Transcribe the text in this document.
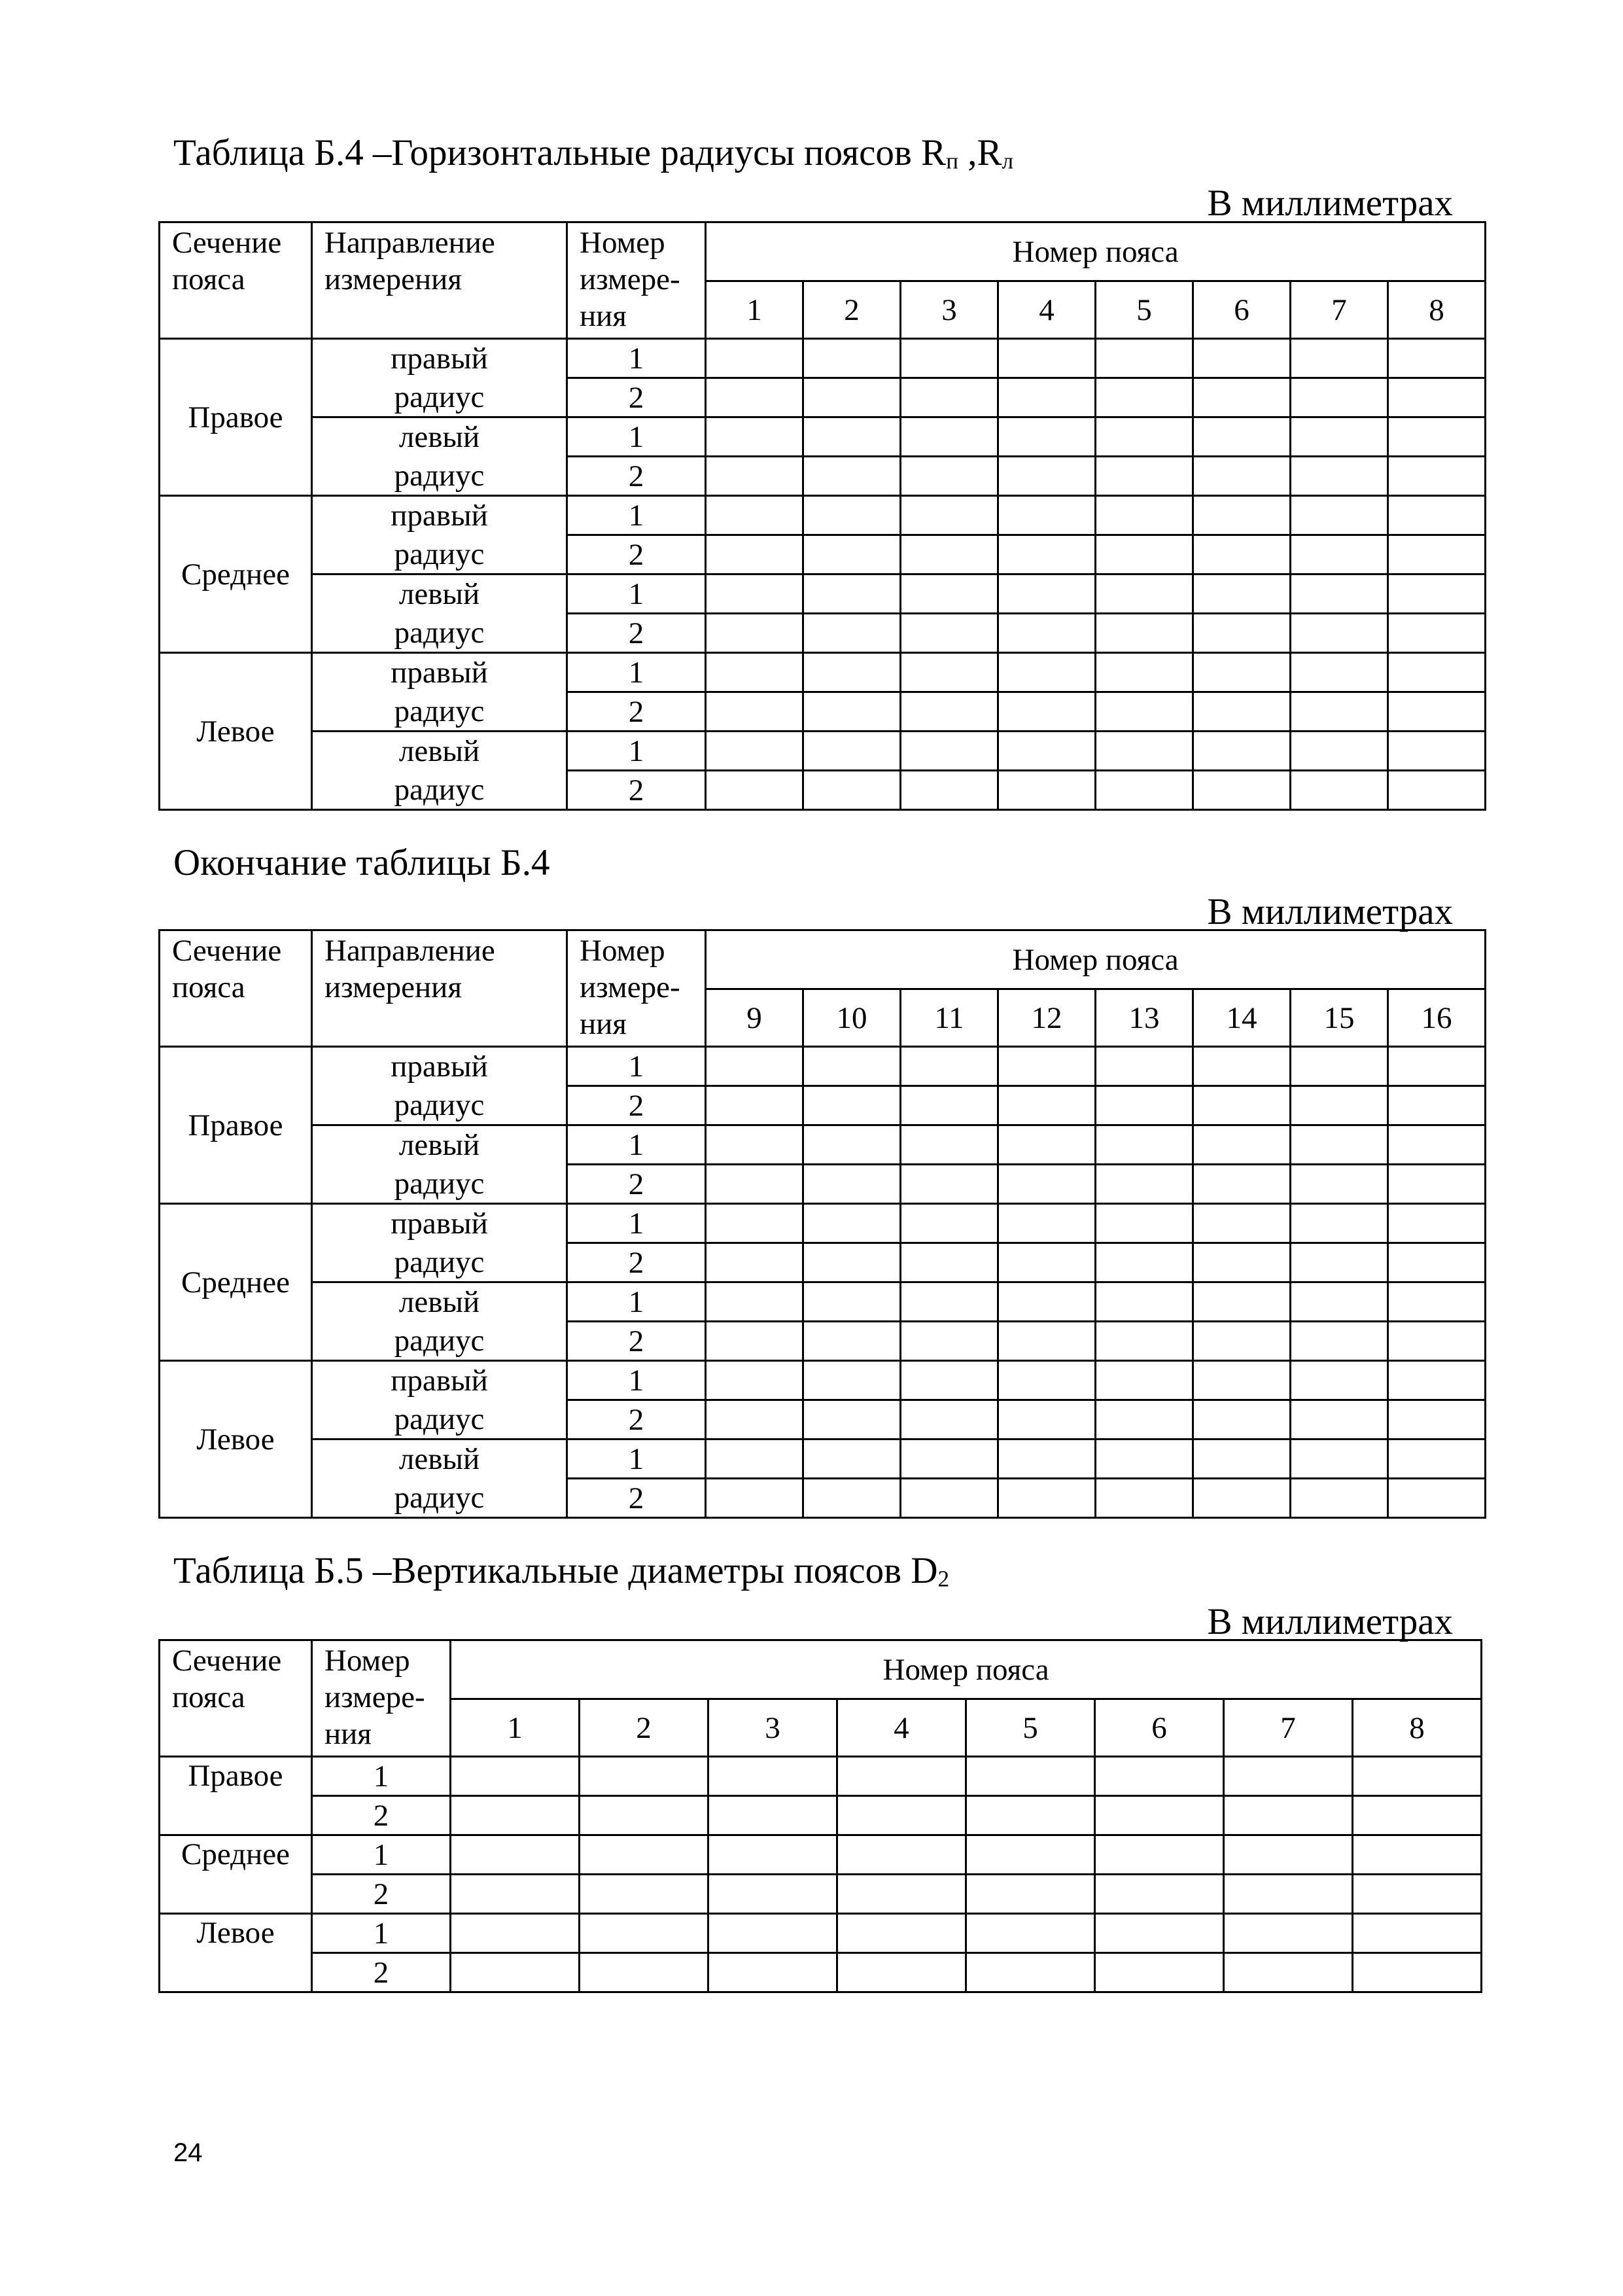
Таблица Б.4 –Горизонтальные радиусы поясов $R_п$ $,R_л$
В миллиметрах
Сечение пояса	Направление измерения	Номер измере-ния	Номер пояса							
			1	2	3	4	5	6	7	8
Правое	правый	1								
	радиус	2								
	левый	1								
	радиус	2								
Среднее	правый	1								
	радиус	2								
	левый	1								
	радиус	2								
Левое	правый	1								
	радиус	2								
	левый	1								
	радиус	2								
Окончание таблицы Б.4
В миллиметрах
Сечение пояса	Направление измерения	Номер измере-ния	Номер пояса							
			9	10	11	12	13	14	15	16
Правое	правый	1								
	радиус	2								
	левый	1								
	радиус	2								
Среднее	правый	1								
	радиус	2								
	левый	1								
	радиус	2								
Левое	правый	1								
	радиус	2								
	левый	1								
	радиус	2								
Таблица Б.5 –Вертикальные диаметры поясов $D_2$
В миллиметрах
Сечение пояса	Номер измере-ния	Номер пояса							
		1	2	3	4	5	6	7	8
Правое	1								
	2								
Среднее	1								
	2								
Левое	1								
	2								
24
